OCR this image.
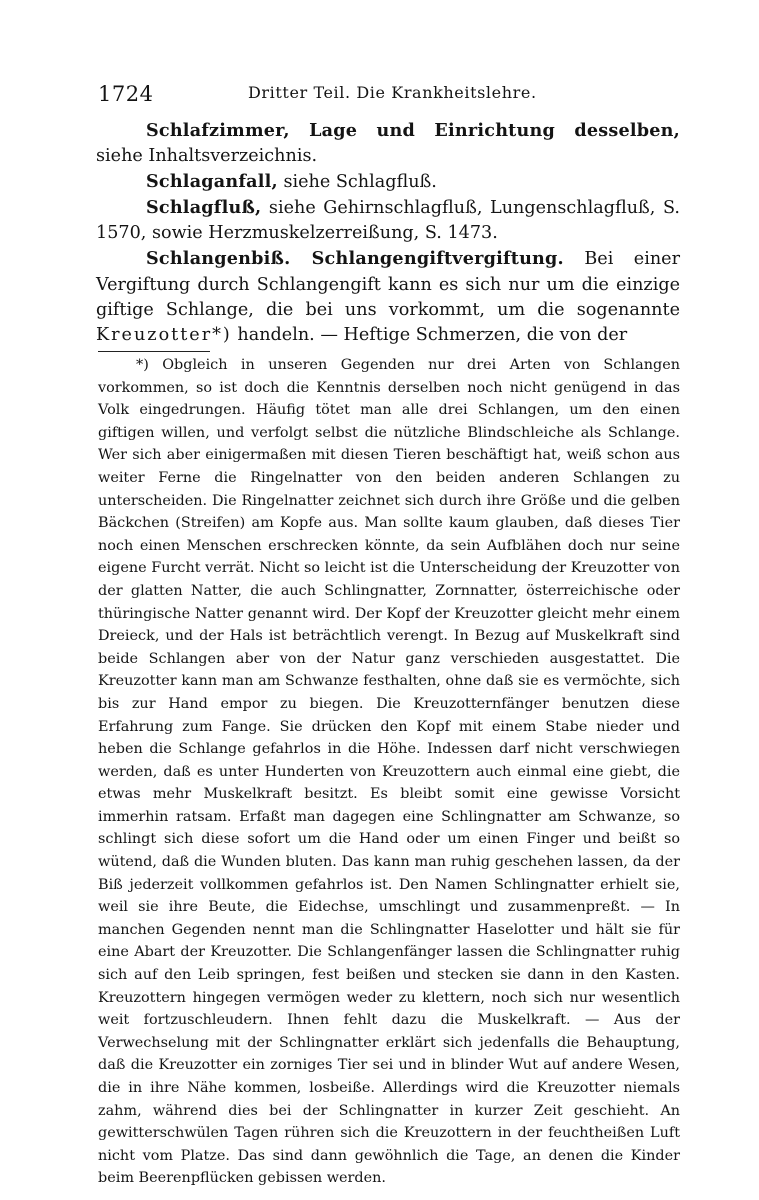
1724	Dritter Teil. Die Krankheitslehre.

Schlafzimmer, Lage und Einrichtung desselben, siehe Inhaltsverzeichnis.

Schlaganfall, siehe Schlagfluß.

Schlagfluß, siehe Gehirnschlagfluß, Lungenschlagfluß, S. 1570, sowie Herzmuskelzerreißung, S. 1473.

Schlangenbiß. Schlangengiftvergiftung. Bei einer Vergiftung durch Schlangengift kann es sich nur um die einzige giftige Schlange, die bei uns vorkommt, um die sogenannte Kreuzotter*) handeln. — Heftige Schmerzen, die von der

*) Obgleich in unseren Gegenden nur drei Arten von Schlangen vorkommen, so ist doch die Kenntnis derselben noch nicht genügend in das Volk eingedrungen. Häufig tötet man alle drei Schlangen, um den einen giftigen willen, und verfolgt selbst die nützliche Blindschleiche als Schlange. Wer sich aber einigermaßen mit diesen Tieren beschäftigt hat, weiß schon aus weiter Ferne die Ringelnatter von den beiden anderen Schlangen zu unterscheiden. Die Ringelnatter zeichnet sich durch ihre Größe und die gelben Bäckchen (Streifen) am Kopfe aus. Man sollte kaum glauben, daß dieses Tier noch einen Menschen erschrecken könnte, da sein Aufblähen doch nur seine eigene Furcht verrät. Nicht so leicht ist die Unterscheidung der Kreuzotter von der glatten Natter, die auch Schlingnatter, Zornnatter, österreichische oder thüringische Natter genannt wird. Der Kopf der Kreuzotter gleicht mehr einem Dreieck, und der Hals ist beträchtlich verengt. In Bezug auf Muskelkraft sind beide Schlangen aber von der Natur ganz verschieden ausgestattet. Die Kreuzotter kann man am Schwanze festhalten, ohne daß sie es vermöchte, sich bis zur Hand empor zu biegen. Die Kreuzotternfänger benutzen diese Erfahrung zum Fange. Sie drücken den Kopf mit einem Stabe nieder und heben die Schlange gefahrlos in die Höhe. Indessen darf nicht verschwiegen werden, daß es unter Hunderten von Kreuzottern auch einmal eine giebt, die etwas mehr Muskelkraft besitzt. Es bleibt somit eine gewisse Vorsicht immerhin ratsam. Erfaßt man dagegen eine Schlingnatter am Schwanze, so schlingt sich diese sofort um die Hand oder um einen Finger und beißt so wütend, daß die Wunden bluten. Das kann man ruhig geschehen lassen, da der Biß jederzeit vollkommen gefahrlos ist. Den Namen Schlingnatter erhielt sie, weil sie ihre Beute, die Eidechse, umschlingt und zusammenpreßt. — In manchen Gegenden nennt man die Schlingnatter Haselotter und hält sie für eine Abart der Kreuzotter. Die Schlangenfänger lassen die Schlingnatter ruhig sich auf den Leib springen, fest beißen und stecken sie dann in den Kasten. Kreuzottern hingegen vermögen weder zu klettern, noch sich nur wesentlich weit fortzuschleudern. Ihnen fehlt dazu die Muskelkraft. — Aus der Verwechselung mit der Schlingnatter erklärt sich jedenfalls die Behauptung, daß die Kreuzotter ein zorniges Tier sei und in blinder Wut auf andere Wesen, die in ihre Nähe kommen, losbeiße. Allerdings wird die Kreuzotter niemals zahm, während dies bei der Schlingnatter in kurzer Zeit geschieht. An gewitterschwülen Tagen rühren sich die Kreuzottern in der feuchtheißen Luft nicht vom Platze. Das sind dann gewöhnlich die Tage, an denen die Kinder beim Beerenpflücken gebissen werden.
